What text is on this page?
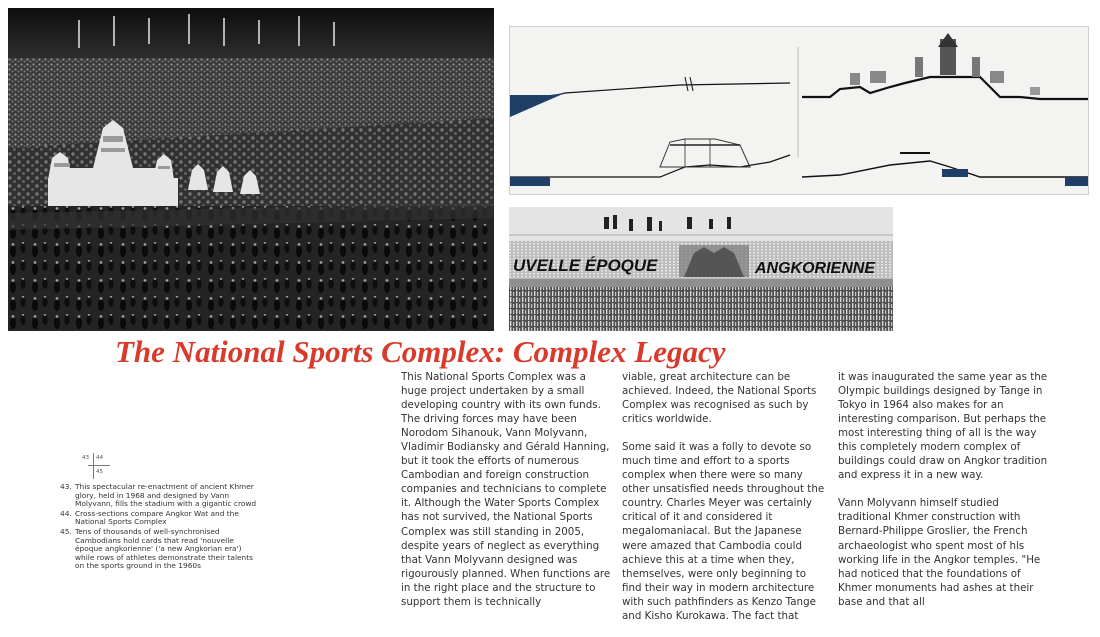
UVELLE ÉPOQUE	ANGKORIENNE
The National Sports Complex: Complex Legacy
43 44
45
43. This spectacular re-enactment of ancient Khmer glory, held in 1968 and designed by Vann Molyvann, fills the stadium with a gigantic crowd
44. Cross-sections compare Angkor Wat and the National Sports Complex
45. Tens of thousands of well-synchronised Cambodians hold cards that read 'nouvelle époque angkorienne' ('a new Angkorian era') while rows of athletes demonstrate their talents on the sports ground in the 1960s

This National Sports Complex was a huge project undertaken by a small developing country with its own funds. The driving forces may have been Norodom Sihanouk, Vann Molyvann, Vladimir Bodiansky and Gérald Hanning, but it took the efforts of numerous Cambodian and foreign construction companies and technicians to complete it. Although the Water Sports Complex has not survived, the National Sports Complex was still standing in 2005, despite years of neglect as everything that Vann Molyvann designed was rigourously planned. When functions are in the right place and the structure to support them is technically

viable, great architecture can be achieved. Indeed, the National Sports Complex was recognised as such by critics worldwide.

Some said it was a folly to devote so much time and effort to a sports complex when there were so many other unsatisfied needs throughout the country. Charles Meyer was certainly critical of it and considered it megalomaniacal. But the Japanese were amazed that Cambodia could achieve this at a time when they, themselves, were only beginning to find their way in modern architecture with such pathfinders as Kenzo Tange and Kisho Kurokawa. The fact that

it was inaugurated the same year as the Olympic buildings designed by Tange in Tokyo in 1964 also makes for an interesting comparison. But perhaps the most interesting thing of all is the way this completely modern complex of buildings could draw on Angkor tradition and express it in a new way.

Vann Molyvann himself studied traditional Khmer construction with Bernard-Philippe Groslier, the French archaeologist who spent most of his working life in the Angkor temples. "He had noticed that the foundations of Khmer monuments had ashes at their base and that all
